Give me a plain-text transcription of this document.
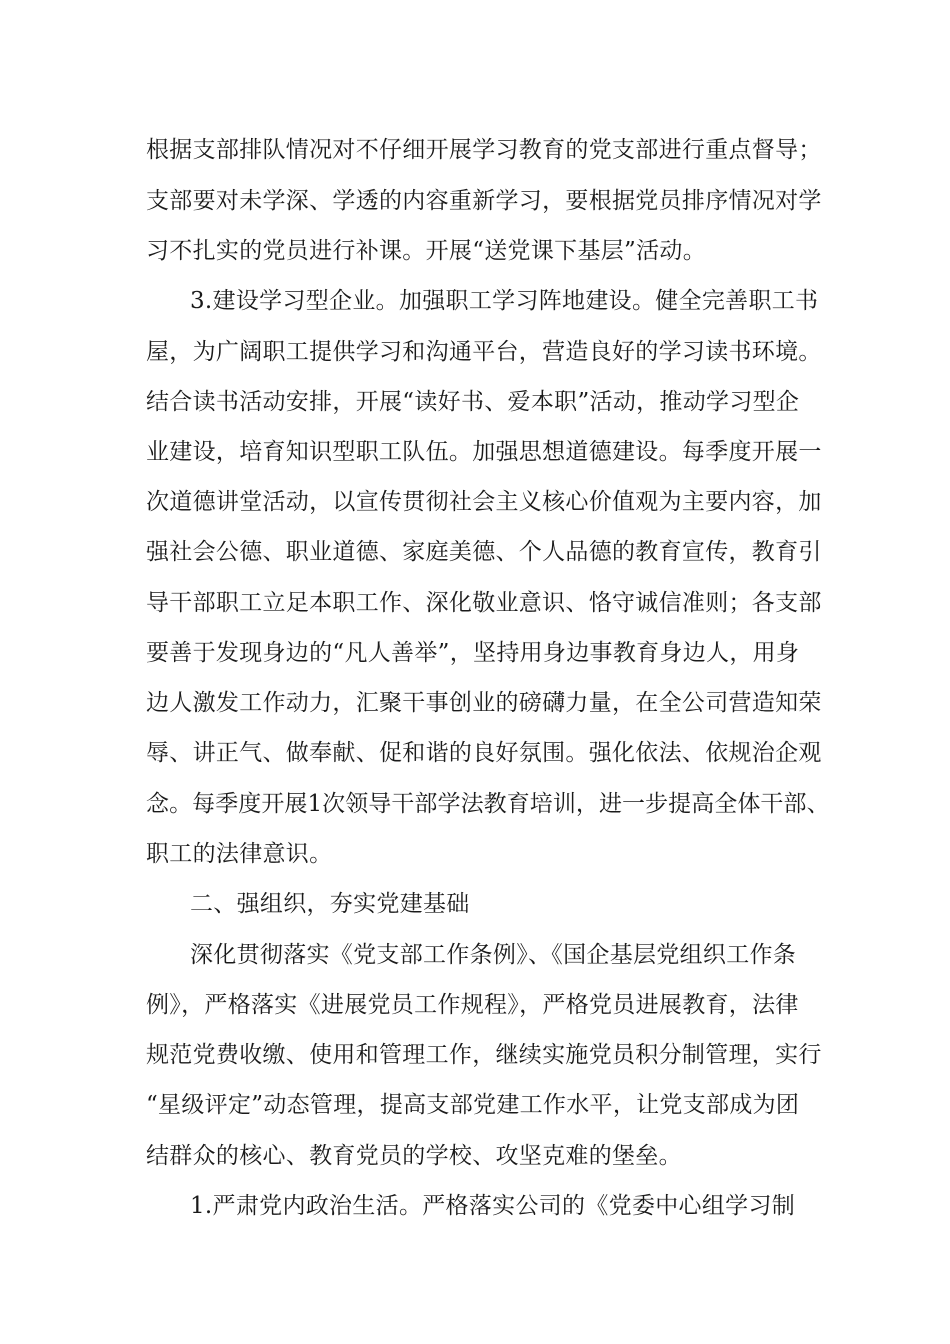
根据支部排队情况对不仔细开展学习教育的党支部进行重点督导；
支部要对未学深、学透的内容重新学习，要根据党员排序情况对学
习不扎实的党员进行补课。开展“送党课下基层”活动。
3.建设学习型企业。加强职工学习阵地建设。健全完善职工书
屋，为广阔职工提供学习和沟通平台，营造良好的学习读书环境。
结合读书活动安排，开展“读好书、爱本职”活动，推动学习型企
业建设，培育知识型职工队伍。加强思想道德建设。每季度开展一
次道德讲堂活动，以宣传贯彻社会主义核心价值观为主要内容，加
强社会公德、职业道德、家庭美德、个人品德的教育宣传，教育引
导干部职工立足本职工作、深化敬业意识、恪守诚信准则；各支部
要善于发现身边的“凡人善举”，坚持用身边事教育身边人，用身
边人激发工作动力，汇聚干事创业的磅礴力量，在全公司营造知荣
辱、讲正气、做奉献、促和谐的良好氛围。强化依法、依规治企观
念。每季度开展1次领导干部学法教育培训，进一步提高全体干部、
职工的法律意识。
二、强组织，夯实党建基础
深化贯彻落实《党支部工作条例》、《国企基层党组织工作条
例》，严格落实《进展党员工作规程》，严格党员进展教育，法律
规范党费收缴、使用和管理工作，继续实施党员积分制管理，实行
“星级评定”动态管理，提高支部党建工作水平，让党支部成为团
结群众的核心、教育党员的学校、攻坚克难的堡垒。
1.严肃党内政治生活。严格落实公司的《党委中心组学习制
